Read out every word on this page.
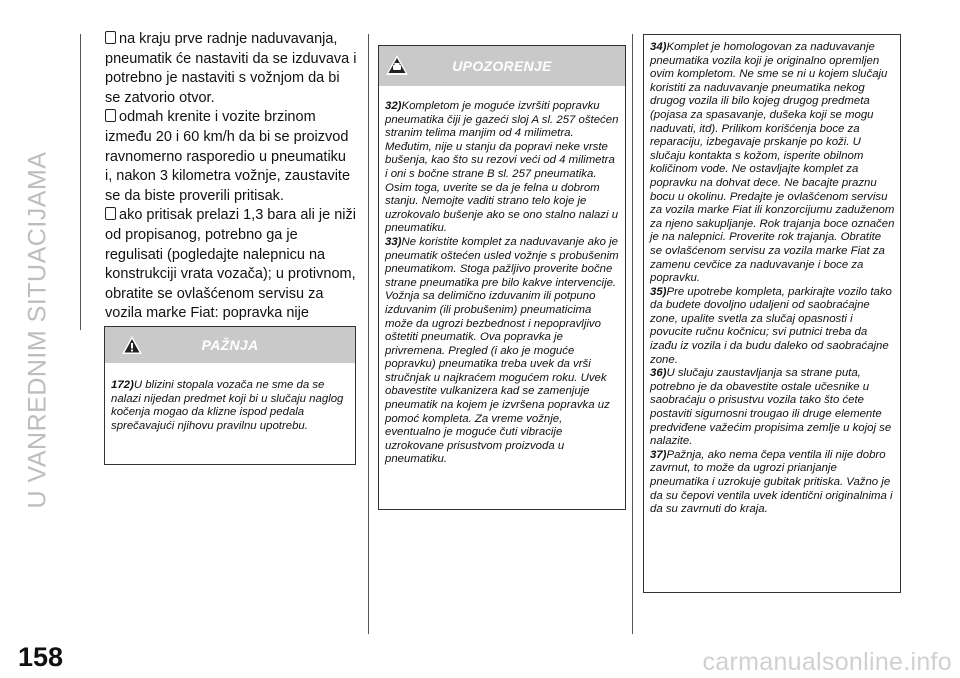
U VANREDNIM SITUACIJAMA

na kraju prve radnje naduvavanja, pneumatik će nastaviti da se izduvava i potrebno je nastaviti s vožnjom da bi se zatvorio otvor.

odmah krenite i vozite brzinom između 20 i 60 km/h da bi se proizvod ravnomerno rasporedio u pneumatiku i, nakon 3 kilometra vožnje, zaustavite se da biste proverili pritisak.

ako pritisak prelazi 1,3 bara ali je niži od propisanog, potrebno ga je regulisati (pogledajte nalepnicu na konstrukciji vrata vozača); u protivnom, obratite se ovlašćenom servisu za vozila marke Fiat: popravka nije

PAŽNJA

172)U blizini stopala vozača ne sme da se nalazi nijedan predmet koji bi u slučaju naglog kočenja mogao da klizne ispod pedala sprečavajući njihovu pravilnu upotrebu.

UPOZORENJE

32)Kompletom je moguće izvršiti popravku pneumatika čiji je gazeći sloj A sl. 257 oštećen stranim telima manjim od 4 milimetra. Međutim, nije u stanju da popravi neke vrste bušenja, kao što su rezovi veći od 4 milimetra i oni s bočne strane B sl. 257 pneumatika. Osim toga, uverite se da je felna u dobrom stanju. Nemojte vaditi strano telo koje je uzrokovalo bušenje ako se ono stalno nalazi u pneumatiku.

33)Ne koristite komplet za naduvavanje ako je pneumatik oštećen usled vožnje s probušenim pneumatikom. Stoga pažljivo proverite bočne strane pneumatika pre bilo kakve intervencije. Vožnja sa delimično izduvanim ili potpuno izduvanim (ili probušenim) pneumaticima može da ugrozi bezbednost i nepopravljivo oštetiti pneumatik. Ova popravka je privremena. Pregled (i ako je moguće popravku) pneumatika treba uvek da vrši stručnjak u najkraćem mogućem roku. Uvek obavestite vulkanizera kad se zamenjuje pneumatik na kojem je izvršena popravka uz pomoć kompleta. Za vreme vožnje, eventualno je moguće čuti vibracije uzrokovane prisustvom proizvoda u pneumatiku.

34)Komplet je homologovan za naduvavanje pneumatika vozila koji je originalno opremljen ovim kompletom. Ne sme se ni u kojem slučaju koristiti za naduvavanje pneumatika nekog drugog vozila ili bilo kojeg drugog predmeta (pojasa za spasavanje, dušeka koji se mogu naduvati, itd). Prilikom korišćenja boce za reparaciju, izbegavaje prskanje po koži. U slučaju kontakta s kožom, isperite obilnom količinom vode. Ne ostavljajte komplet za popravku na dohvat dece. Ne bacajte praznu bocu u okolinu. Predajte je ovlašćenom servisu za vozila marke Fiat ili konzorcijumu zaduženom za njeno sakupljanje. Rok trajanja boce označen je na nalepnici. Proverite rok trajanja. Obratite se ovlašćenom servisu za vozila marke Fiat za zamenu cevčice za naduvavanje i boce za popravku.

35)Pre upotrebe kompleta, parkirajte vozilo tako da budete dovoljno udaljeni od saobraćajne zone, upalite svetla za slučaj opasnosti i povucite ručnu kočnicu; svi putnici treba da izađu iz vozila i da budu daleko od saobraćajne zone.

36)U slučaju zaustavljanja sa strane puta, potrebno je da obavestite ostale učesnike u saobraćaju o prisustvu vozila tako što ćete postaviti sigurnosni trougao ili druge elemente predviđene važećim propisima zemlje u kojoj se nalazite.

37)Pažnja, ako nema čepa ventila ili nije dobro zavrnut, to može da ugrozi prianjanje pneumatika i uzrokuje gubitak pritiska. Važno je da su čepovi ventila uvek identični originalnima i da su zavrnuti do kraja.

158	carmanualsonline.info
